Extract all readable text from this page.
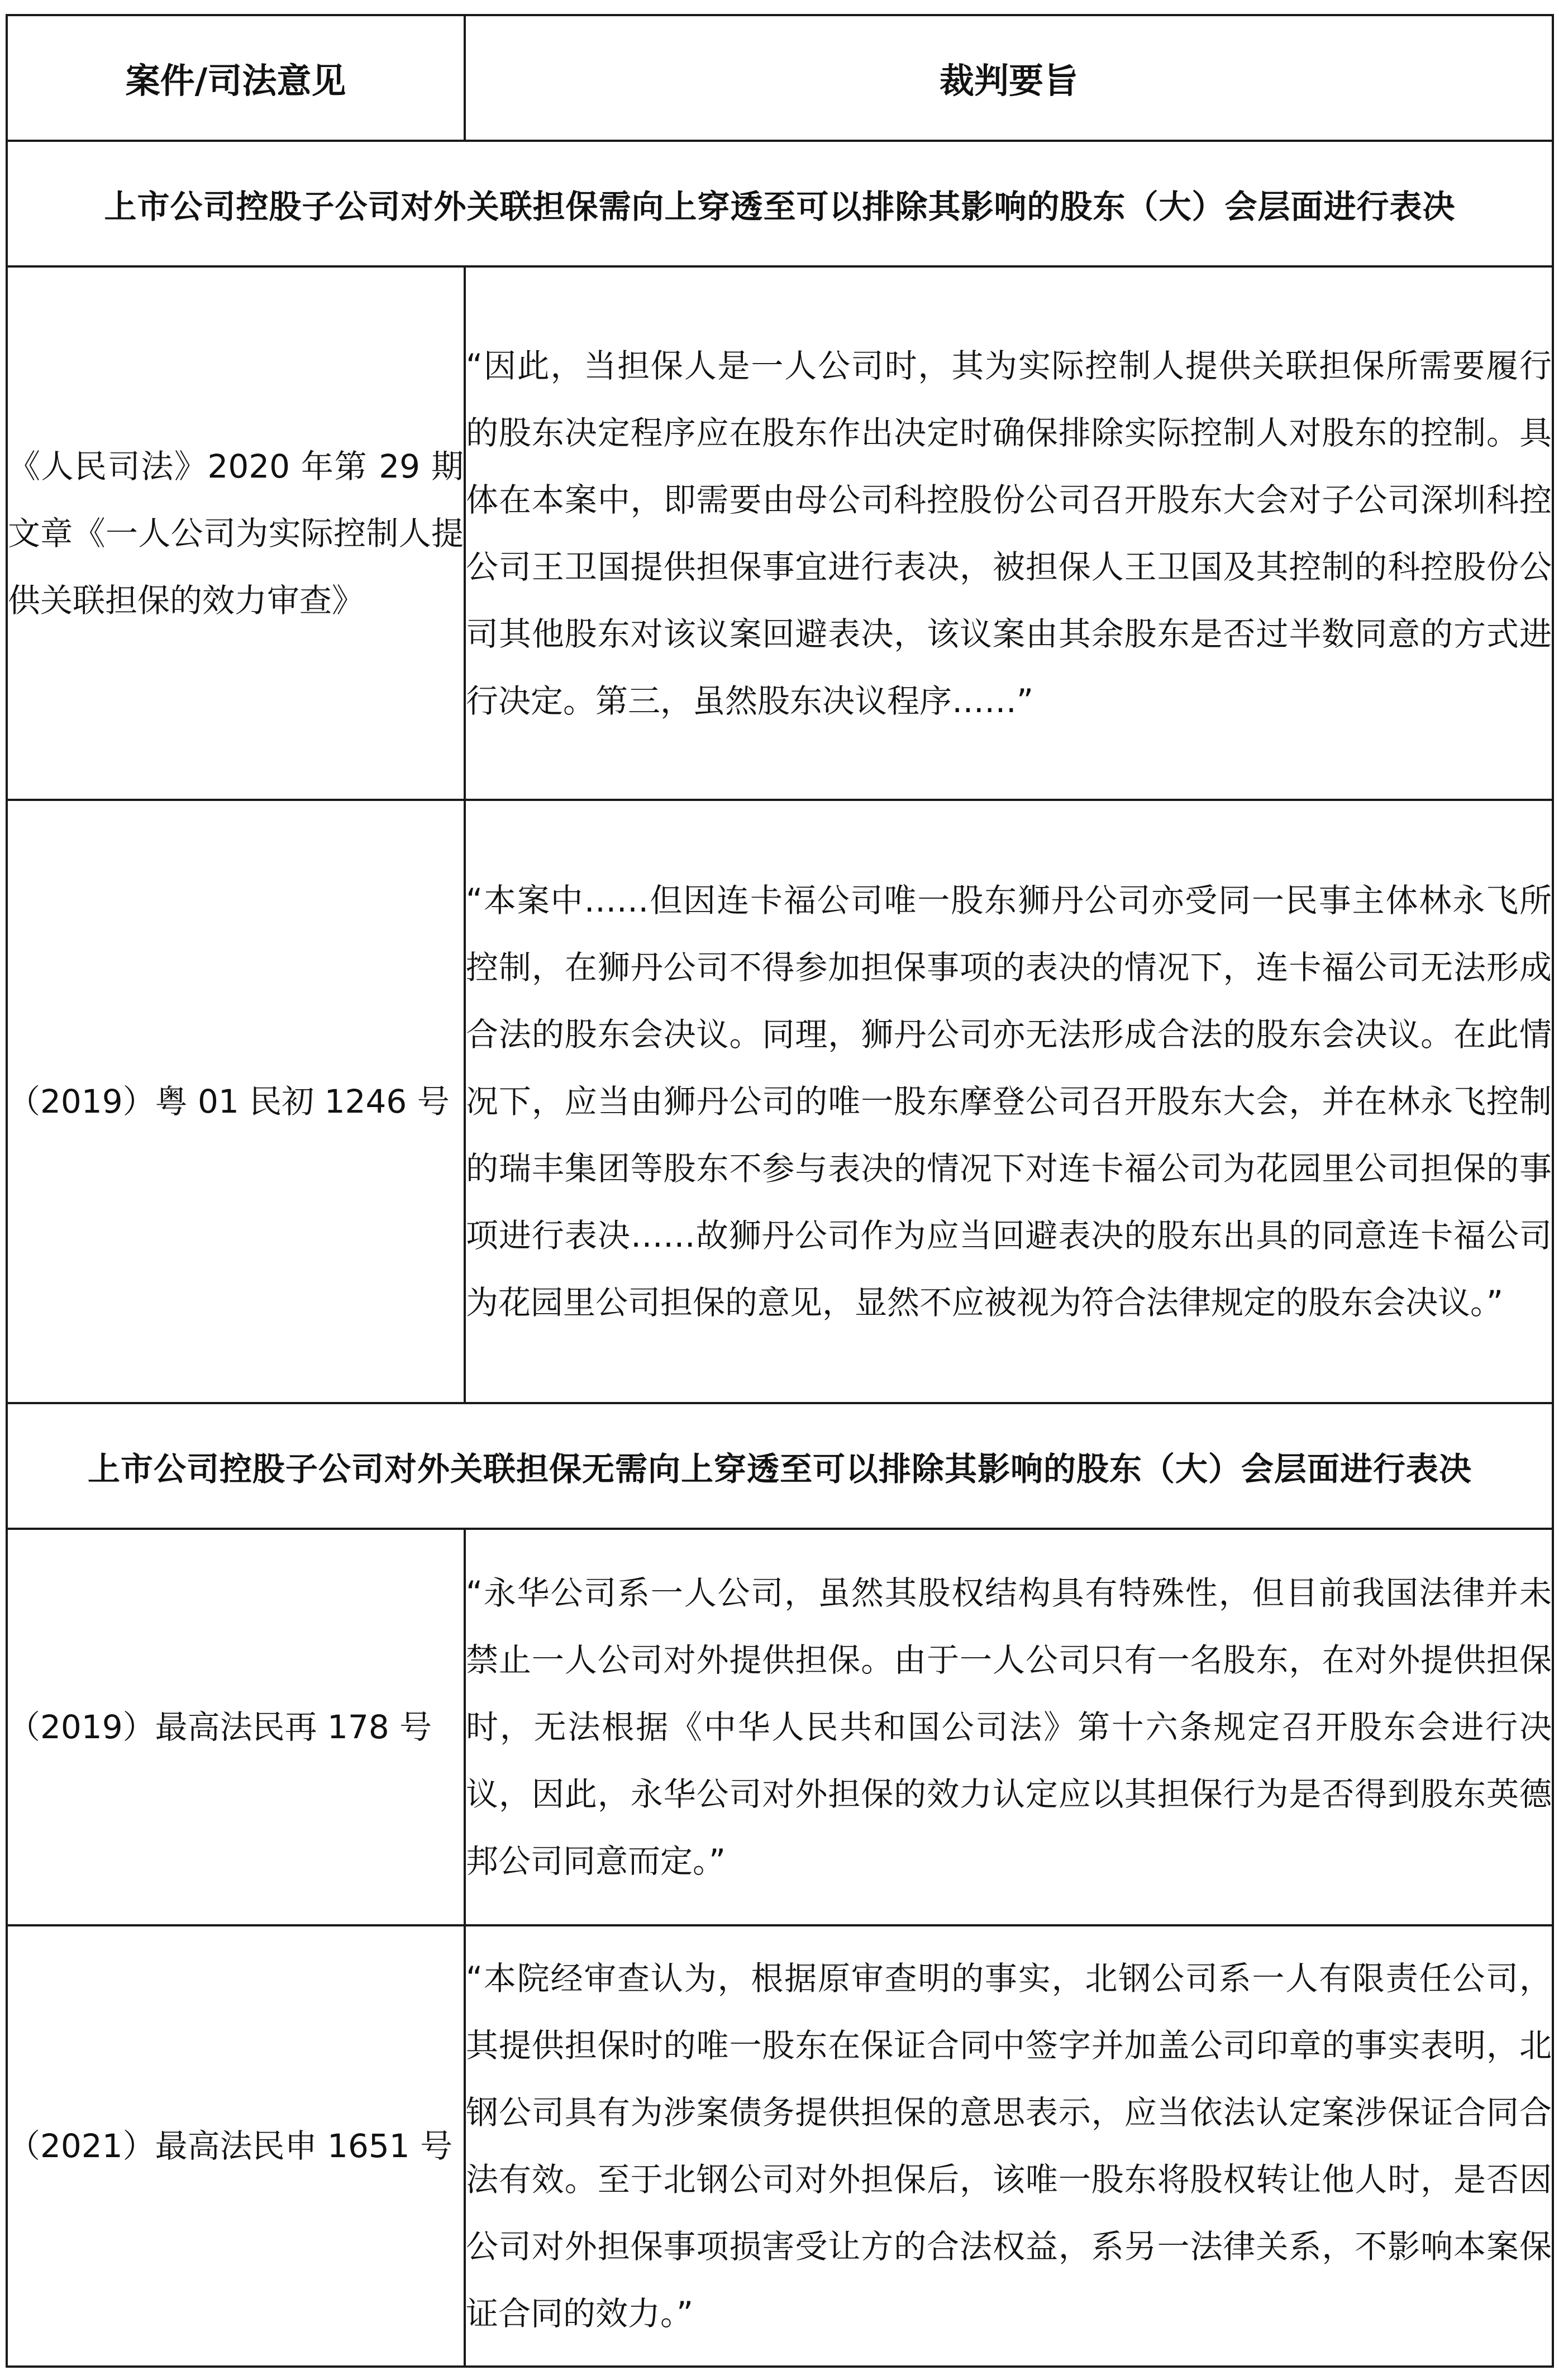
案件/司法意见	裁判要旨
上市公司控股子公司对外关联担保需向上穿透至可以排除其影响的股东（大）会层面进行表决	
《人民司法》2020 年第 29 期文章《一人公司为实际控制人提供关联担保的效力审查》	“因此，当担保人是一人公司时，其为实际控制人提供关联担保所需要履行的股东决定程序应在股东作出决定时确保排除实际控制人对股东的控制。具体在本案中，即需要由母公司科控股份公司召开股东大会对子公司深圳科控公司王卫国提供担保事宜进行表决，被担保人王卫国及其控制的科控股份公司其他股东对该议案回避表决，该议案由其余股东是否过半数同意的方式进行决定。第三，虽然股东决议程序……”
（2019）粤 01 民初 1246 号	“本案中……但因连卡福公司唯一股东狮丹公司亦受同一民事主体林永飞所控制，在狮丹公司不得参加担保事项的表决的情况下，连卡福公司无法形成合法的股东会决议。同理，狮丹公司亦无法形成合法的股东会决议。在此情况下，应当由狮丹公司的唯一股东摩登公司召开股东大会，并在林永飞控制的瑞丰集团等股东不参与表决的情况下对连卡福公司为花园里公司担保的事项进行表决……故狮丹公司作为应当回避表决的股东出具的同意连卡福公司为花园里公司担保的意见，显然不应被视为符合法律规定的股东会决议。”
上市公司控股子公司对外关联担保无需向上穿透至可以排除其影响的股东（大）会层面进行表决	
（2019）最高法民再 178 号	“永华公司系一人公司，虽然其股权结构具有特殊性，但目前我国法律并未禁止一人公司对外提供担保。由于一人公司只有一名股东，在对外提供担保时，无法根据《中华人民共和国公司法》第十六条规定召开股东会进行决议，因此，永华公司对外担保的效力认定应以其担保行为是否得到股东英德邦公司同意而定。”
（2021）最高法民申 1651 号	“本院经审查认为，根据原审查明的事实，北钢公司系一人有限责任公司，其提供担保时的唯一股东在保证合同中签字并加盖公司印章的事实表明，北钢公司具有为涉案债务提供担保的意思表示，应当依法认定案涉保证合同合法有效。至于北钢公司对外担保后，该唯一股东将股权转让他人时，是否因公司对外担保事项损害受让方的合法权益，系另一法律关系，不影响本案保证合同的效力。”
